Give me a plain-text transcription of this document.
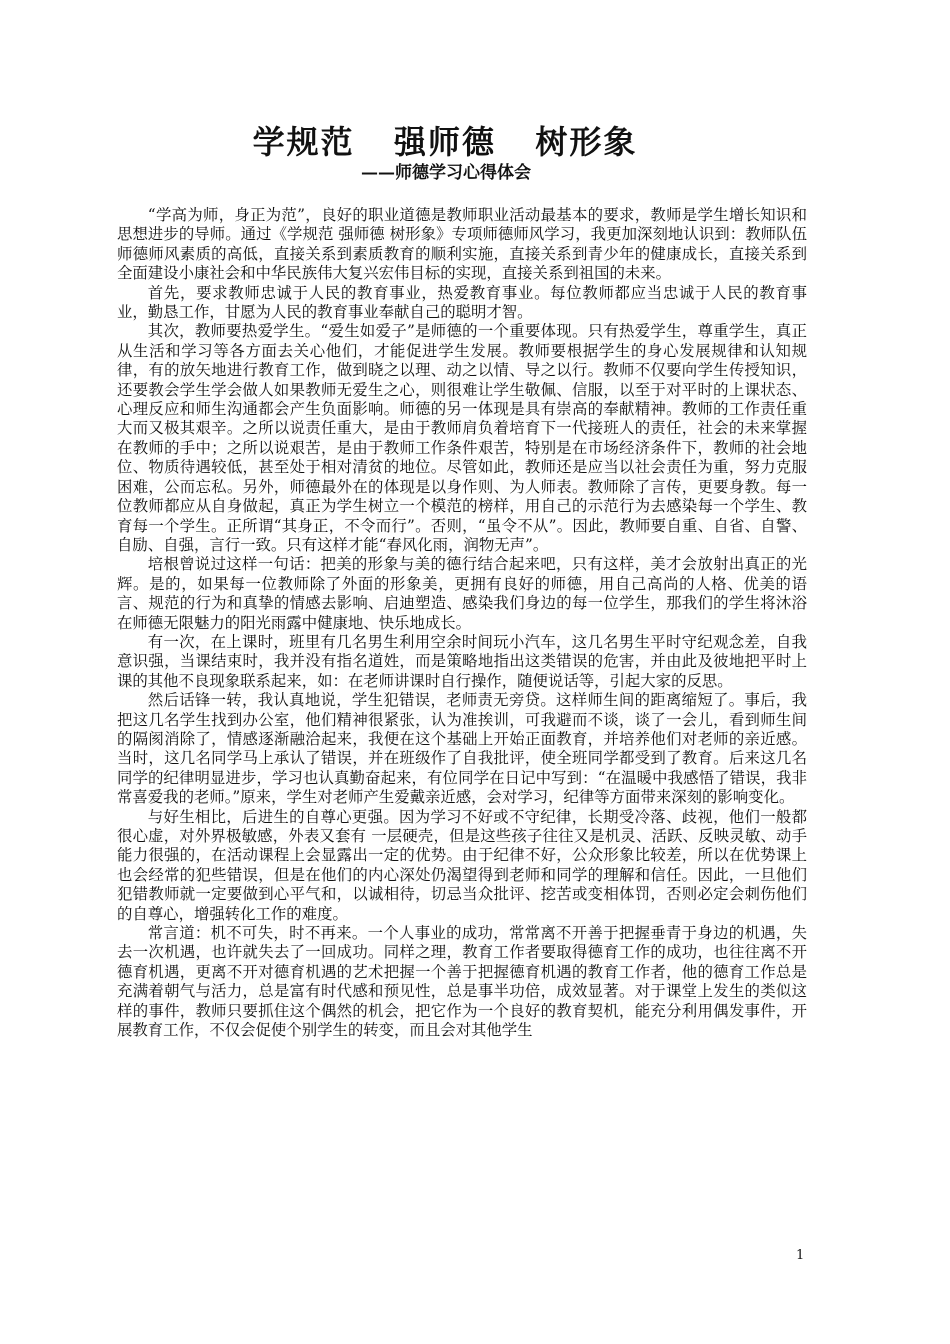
学规范   强师德   树形象
——师德学习心得体会

“学高为师，身正为范”，良好的职业道德是教师职业活动最基本的要求，教师是学生增长知识和思想进步的导师。通过《学规范 强师德 树形象》专项师德师风学习，我更加深刻地认识到：教师队伍师德师风素质的高低，直接关系到素质教育的顺利实施，直接关系到青少年的健康成长，直接关系到全面建设小康社会和中华民族伟大复兴宏伟目标的实现，直接关系到祖国的未来。

首先，要求教师忠诚于人民的教育事业，热爱教育事业。每位教师都应当忠诚于人民的教育事业，勤恳工作，甘愿为人民的教育事业奉献自己的聪明才智。

其次，教师要热爱学生。“爱生如爱子”是师德的一个重要体现。只有热爱学生，尊重学生，真正从生活和学习等各方面去关心他们，才能促进学生发展。教师要根据学生的身心发展规律和认知规律，有的放矢地进行教育工作，做到晓之以理、动之以情、导之以行。教师不仅要向学生传授知识，还要教会学生学会做人如果教师无爱生之心，则很难让学生敬佩、信服，以至于对平时的上课状态、心理反应和师生沟通都会产生负面影响。师德的另一体现是具有崇高的奉献精神。教师的工作责任重大而又极其艰辛。之所以说责任重大，是由于教师肩负着培育下一代接班人的责任，社会的未来掌握在教师的手中；之所以说艰苦，是由于教师工作条件艰苦，特别是在市场经济条件下，教师的社会地位、物质待遇较低，甚至处于相对清贫的地位。尽管如此，教师还是应当以社会责任为重，努力克服困难，公而忘私。另外，师德最外在的体现是以身作则、为人师表。教师除了言传，更要身教。每一位教师都应从自身做起，真正为学生树立一个模范的榜样，用自己的示范行为去感染每一个学生、教育每一个学生。正所谓“其身正，不令而行”。否则，“虽令不从”。因此，教师要自重、自省、自警、自励、自强，言行一致。只有这样才能“春风化雨，润物无声”。

培根曾说过这样一句话：把美的形象与美的德行结合起来吧，只有这样，美才会放射出真正的光辉。是的，如果每一位教师除了外面的形象美，更拥有良好的师德，用自己高尚的人格、优美的语言、规范的行为和真挚的情感去影响、启迪塑造、感染我们身边的每一位学生，那我们的学生将沐浴在师德无限魅力的阳光雨露中健康地、快乐地成长。

有一次，在上课时，班里有几名男生利用空余时间玩小汽车，这几名男生平时守纪观念差，自我意识强，当课结束时，我并没有指名道姓，而是策略地指出这类错误的危害，并由此及彼地把平时上课的其他不良现象联系起来，如：在老师讲课时自行操作，随便说话等，引起大家的反思。

然后话锋一转，我认真地说，学生犯错误，老师责无旁贷。这样师生间的距离缩短了。事后，我把这几名学生找到办公室，他们精神很紧张，认为准挨训，可我避而不谈，谈了一会儿，看到师生间的隔阂消除了，情感逐渐融洽起来，我便在这个基础上开始正面教育，并培养他们对老师的亲近感。当时，这几名同学马上承认了错误，并在班级作了自我批评，使全班同学都受到了教育。后来这几名同学的纪律明显进步，学习也认真勤奋起来，有位同学在日记中写到：“在温暖中我感悟了错误，我非常喜爱我的老师。”原来，学生对老师产生爱戴亲近感，会对学习，纪律等方面带来深刻的影响变化。

与好生相比，后进生的自尊心更强。因为学习不好或不守纪律，长期受冷落、歧视，他们一般都很心虚，对外界极敏感，外表又套有 一层硬壳，但是这些孩子往往又是机灵、活跃、反映灵敏、动手能力很强的，在活动课程上会显露出一定的优势。由于纪律不好，公众形象比较差，所以在优势课上也会经常的犯些错误，但是在他们的内心深处仍渴望得到老师和同学的理解和信任。因此，一旦他们犯错教师就一定要做到心平气和，以诚相待，切忌当众批评、挖苦或变相体罚，否则必定会刺伤他们的自尊心，增强转化工作的难度。

常言道：机不可失，时不再来。一个人事业的成功，常常离不开善于把握垂青于身边的机遇，失去一次机遇，也许就失去了一回成功。同样之理，教育工作者要取得德育工作的成功，也往往离不开德育机遇，更离不开对德育机遇的艺术把握一个善于把握德育机遇的教育工作者，他的德育工作总是充满着朝气与活力，总是富有时代感和预见性，总是事半功倍，成效显著。对于课堂上发生的类似这样的事件，教师只要抓住这个偶然的机会，把它作为一个良好的教育契机，能充分利用偶发事件，开展教育工作，不仅会促使个别学生的转变，而且会对其他学生

1
